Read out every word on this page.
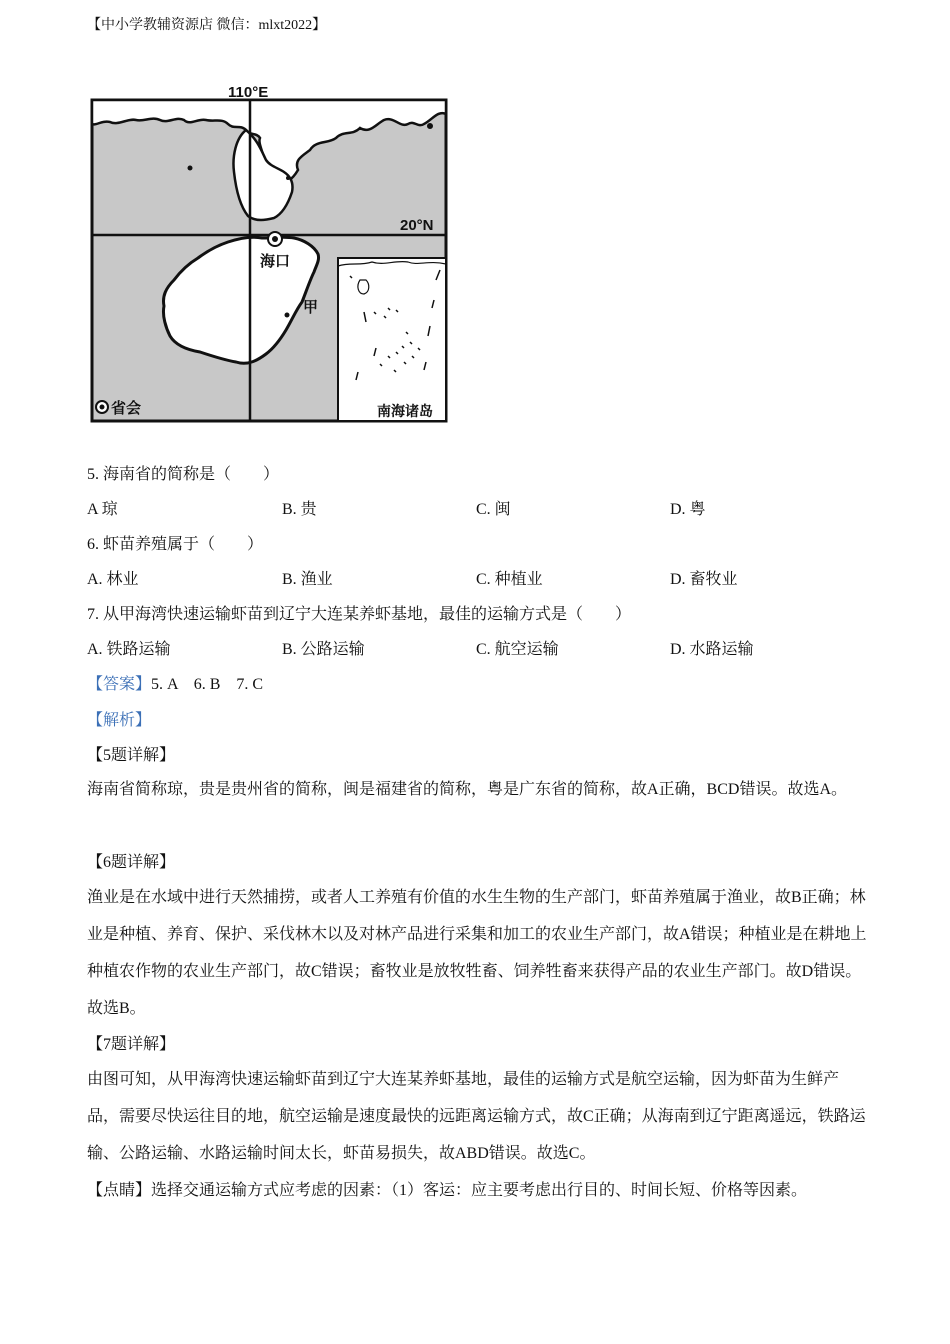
【中小学教辅资源店 微信：mlxt2022】
110°E
20°N
海口
甲
省会	南海诸岛
5. 海南省的简称是（　　）
A 琼	B. 贵	C. 闽	D. 粤
6. 虾苗养殖属于（　　）
A. 林业	B. 渔业	C. 种植业	D. 畜牧业
7. 从甲海湾快速运输虾苗到辽宁大连某养虾基地，最佳的运输方式是（　　）
A. 铁路运输	B. 公路运输	C. 航空运输	D. 水路运输
【答案】5. A　6. B　7. C
【解析】
【5题详解】
海南省简称琼，贵是贵州省的简称，闽是福建省的简称，粤是广东省的简称，故A正确，BCD错误。故选A。
【6题详解】
渔业是在水域中进行天然捕捞，或者人工养殖有价值的水生生物的生产部门，虾苗养殖属于渔业，故B正确；林业是种植、养育、保护、采伐林木以及对林产品进行采集和加工的农业生产部门，故A错误；种植业是在耕地上种植农作物的农业生产部门，故C错误；畜牧业是放牧牲畜、饲养牲畜来获得产品的农业生产部门。故D错误。故选B。
【7题详解】
由图可知，从甲海湾快速运输虾苗到辽宁大连某养虾基地，最佳的运输方式是航空运输，因为虾苗为生鲜产品，需要尽快运往目的地，航空运输是速度最快的远距离运输方式，故C正确；从海南到辽宁距离遥远，铁路运输、公路运输、水路运输时间太长，虾苗易损失，故ABD错误。故选C。
【点睛】选择交通运输方式应考虑的因素：（1）客运：应主要考虑出行目的、时间长短、价格等因素。
